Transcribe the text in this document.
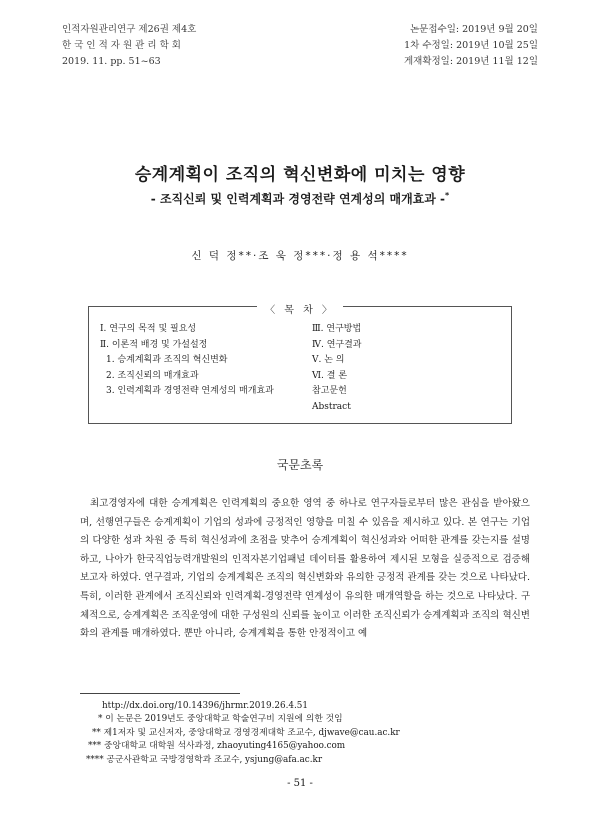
인적자원관리연구 제26권 제4호
한 국 인 적 자 원 관 리 학 회
2019. 11. pp. 51~63
논문접수일: 2019년 9월 20일
1차 수정일: 2019년 10월 25일
게재확정일: 2019년 11월 12일
승계계획이 조직의 혁신변화에 미치는 영향
- 조직신뢰 및 인력계획과 경영전략 연계성의 매개효과 -*
신 덕 정**·조 욱 정***·정 용 석****
〈 목 차 〉
Ⅰ. 연구의 목적 및 필요성
Ⅱ. 이론적 배경 및 가설설정
1. 승계계획과 조직의 혁신변화
2. 조직신뢰의 매개효과
3. 인력계획과 경영전략 연계성의 매개효과
Ⅲ. 연구방법
Ⅳ. 연구결과
Ⅴ. 논 의
Ⅵ. 결 론
참고문헌
Abstract
국문초록
최고경영자에 대한 승계계획은 인력계획의 중요한 영역 중 하나로 연구자들로부터 많은 관심을 받아왔으며, 선행연구들은 승계계획이 기업의 성과에 긍정적인 영향을 미칠 수 있음을 제시하고 있다. 본 연구는 기업의 다양한 성과 차원 중 특히 혁신성과에 초점을 맞추어 승계계획이 혁신성과와 어떠한 관계를 갖는지를 설명하고, 나아가 한국직업능력개발원의 인적자본기업패널 데이터를 활용하여 제시된 모형을 실증적으로 검증해보고자 하였다. 연구결과, 기업의 승계계획은 조직의 혁신변화와 유의한 긍정적 관계를 갖는 것으로 나타났다. 특히, 이러한 관계에서 조직신뢰와 인력계획-경영전략 연계성이 유의한 매개역할을 하는 것으로 나타났다. 구체적으로, 승계계획은 조직운영에 대한 구성원의 신뢰를 높이고 이러한 조직신뢰가 승계계획과 조직의 혁신변화의 관계를 매개하였다. 뿐만 아니라, 승계계획을 통한 안정적이고 예
http://dx.doi.org/10.14396/jhrmr.2019.26.4.51
* 이 논문은 2019년도 중앙대학교 학술연구비 지원에 의한 것임
** 제1저자 및 교신저자, 중앙대학교 경영경제대학 조교수, djwave@cau.ac.kr
*** 중앙대학교 대학원 석사과정, zhaoyuting4165@yahoo.com
**** 공군사관학교 국방경영학과 조교수, ysjung@afa.ac.kr
- 51 -
